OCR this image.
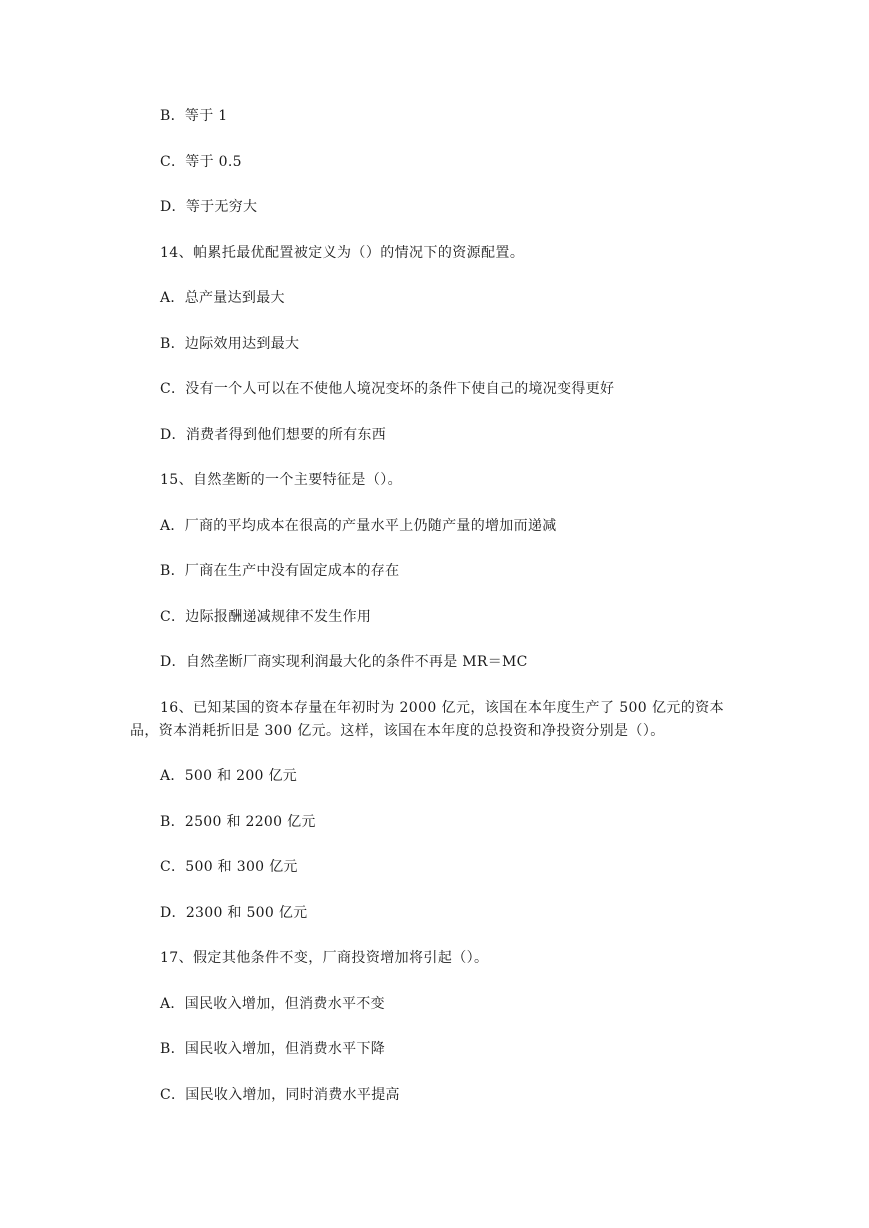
B．等于 1
C．等于 0.5
D．等于无穷大
14、帕累托最优配置被定义为（）的情况下的资源配置。
A．总产量达到最大
B．边际效用达到最大
C．没有一个人可以在不使他人境况变坏的条件下使自己的境况变得更好
D．消费者得到他们想要的所有东西
15、自然垄断的一个主要特征是（）。
A．厂商的平均成本在很高的产量水平上仍随产量的增加而递减
B．厂商在生产中没有固定成本的存在
C．边际报酬递减规律不发生作用
D．自然垄断厂商实现利润最大化的条件不再是 MR＝MC
16、已知某国的资本存量在年初时为 2000 亿元，该国在本年度生产了 500 亿元的资本
品，资本消耗折旧是 300 亿元。这样，该国在本年度的总投资和净投资分别是（）。
A．500 和 200 亿元
B．2500 和 2200 亿元
C．500 和 300 亿元
D．2300 和 500 亿元
17、假定其他条件不变，厂商投资增加将引起（）。
A．国民收入增加，但消费水平不变
B．国民收入增加，但消费水平下降
C．国民收入增加，同时消费水平提高
